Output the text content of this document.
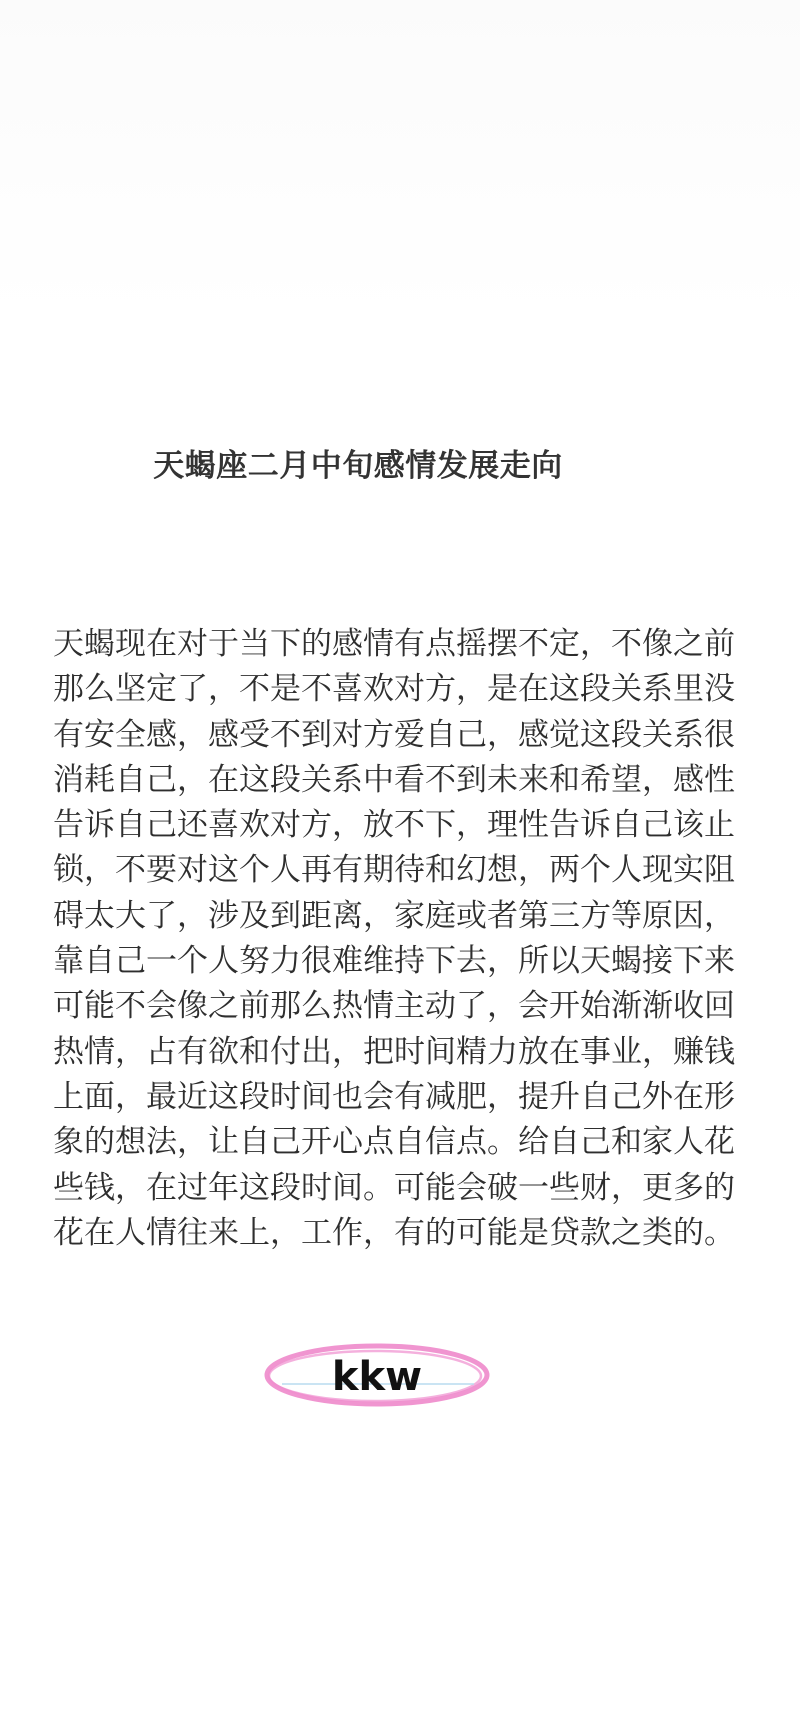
天蝎座二月中旬感情发展走向

天蝎现在对于当下的感情有点摇摆不定，不像之前那么坚定了，不是不喜欢对方，是在这段关系里没有安全感，感受不到对方爱自己，感觉这段关系很消耗自己，在这段关系中看不到未来和希望，感性告诉自己还喜欢对方，放不下，理性告诉自己该止锁，不要对这个人再有期待和幻想，两个人现实阻碍太大了，涉及到距离，家庭或者第三方等原因，靠自己一个人努力很难维持下去，所以天蝎接下来可能不会像之前那么热情主动了，会开始渐渐收回热情，占有欲和付出，把时间精力放在事业，赚钱上面，最近这段时间也会有减肥，提升自己外在形象的想法，让自己开心点自信点。给自己和家人花些钱，在过年这段时间。可能会破一些财，更多的花在人情往来上，工作，有的可能是贷款之类的。

kkw
